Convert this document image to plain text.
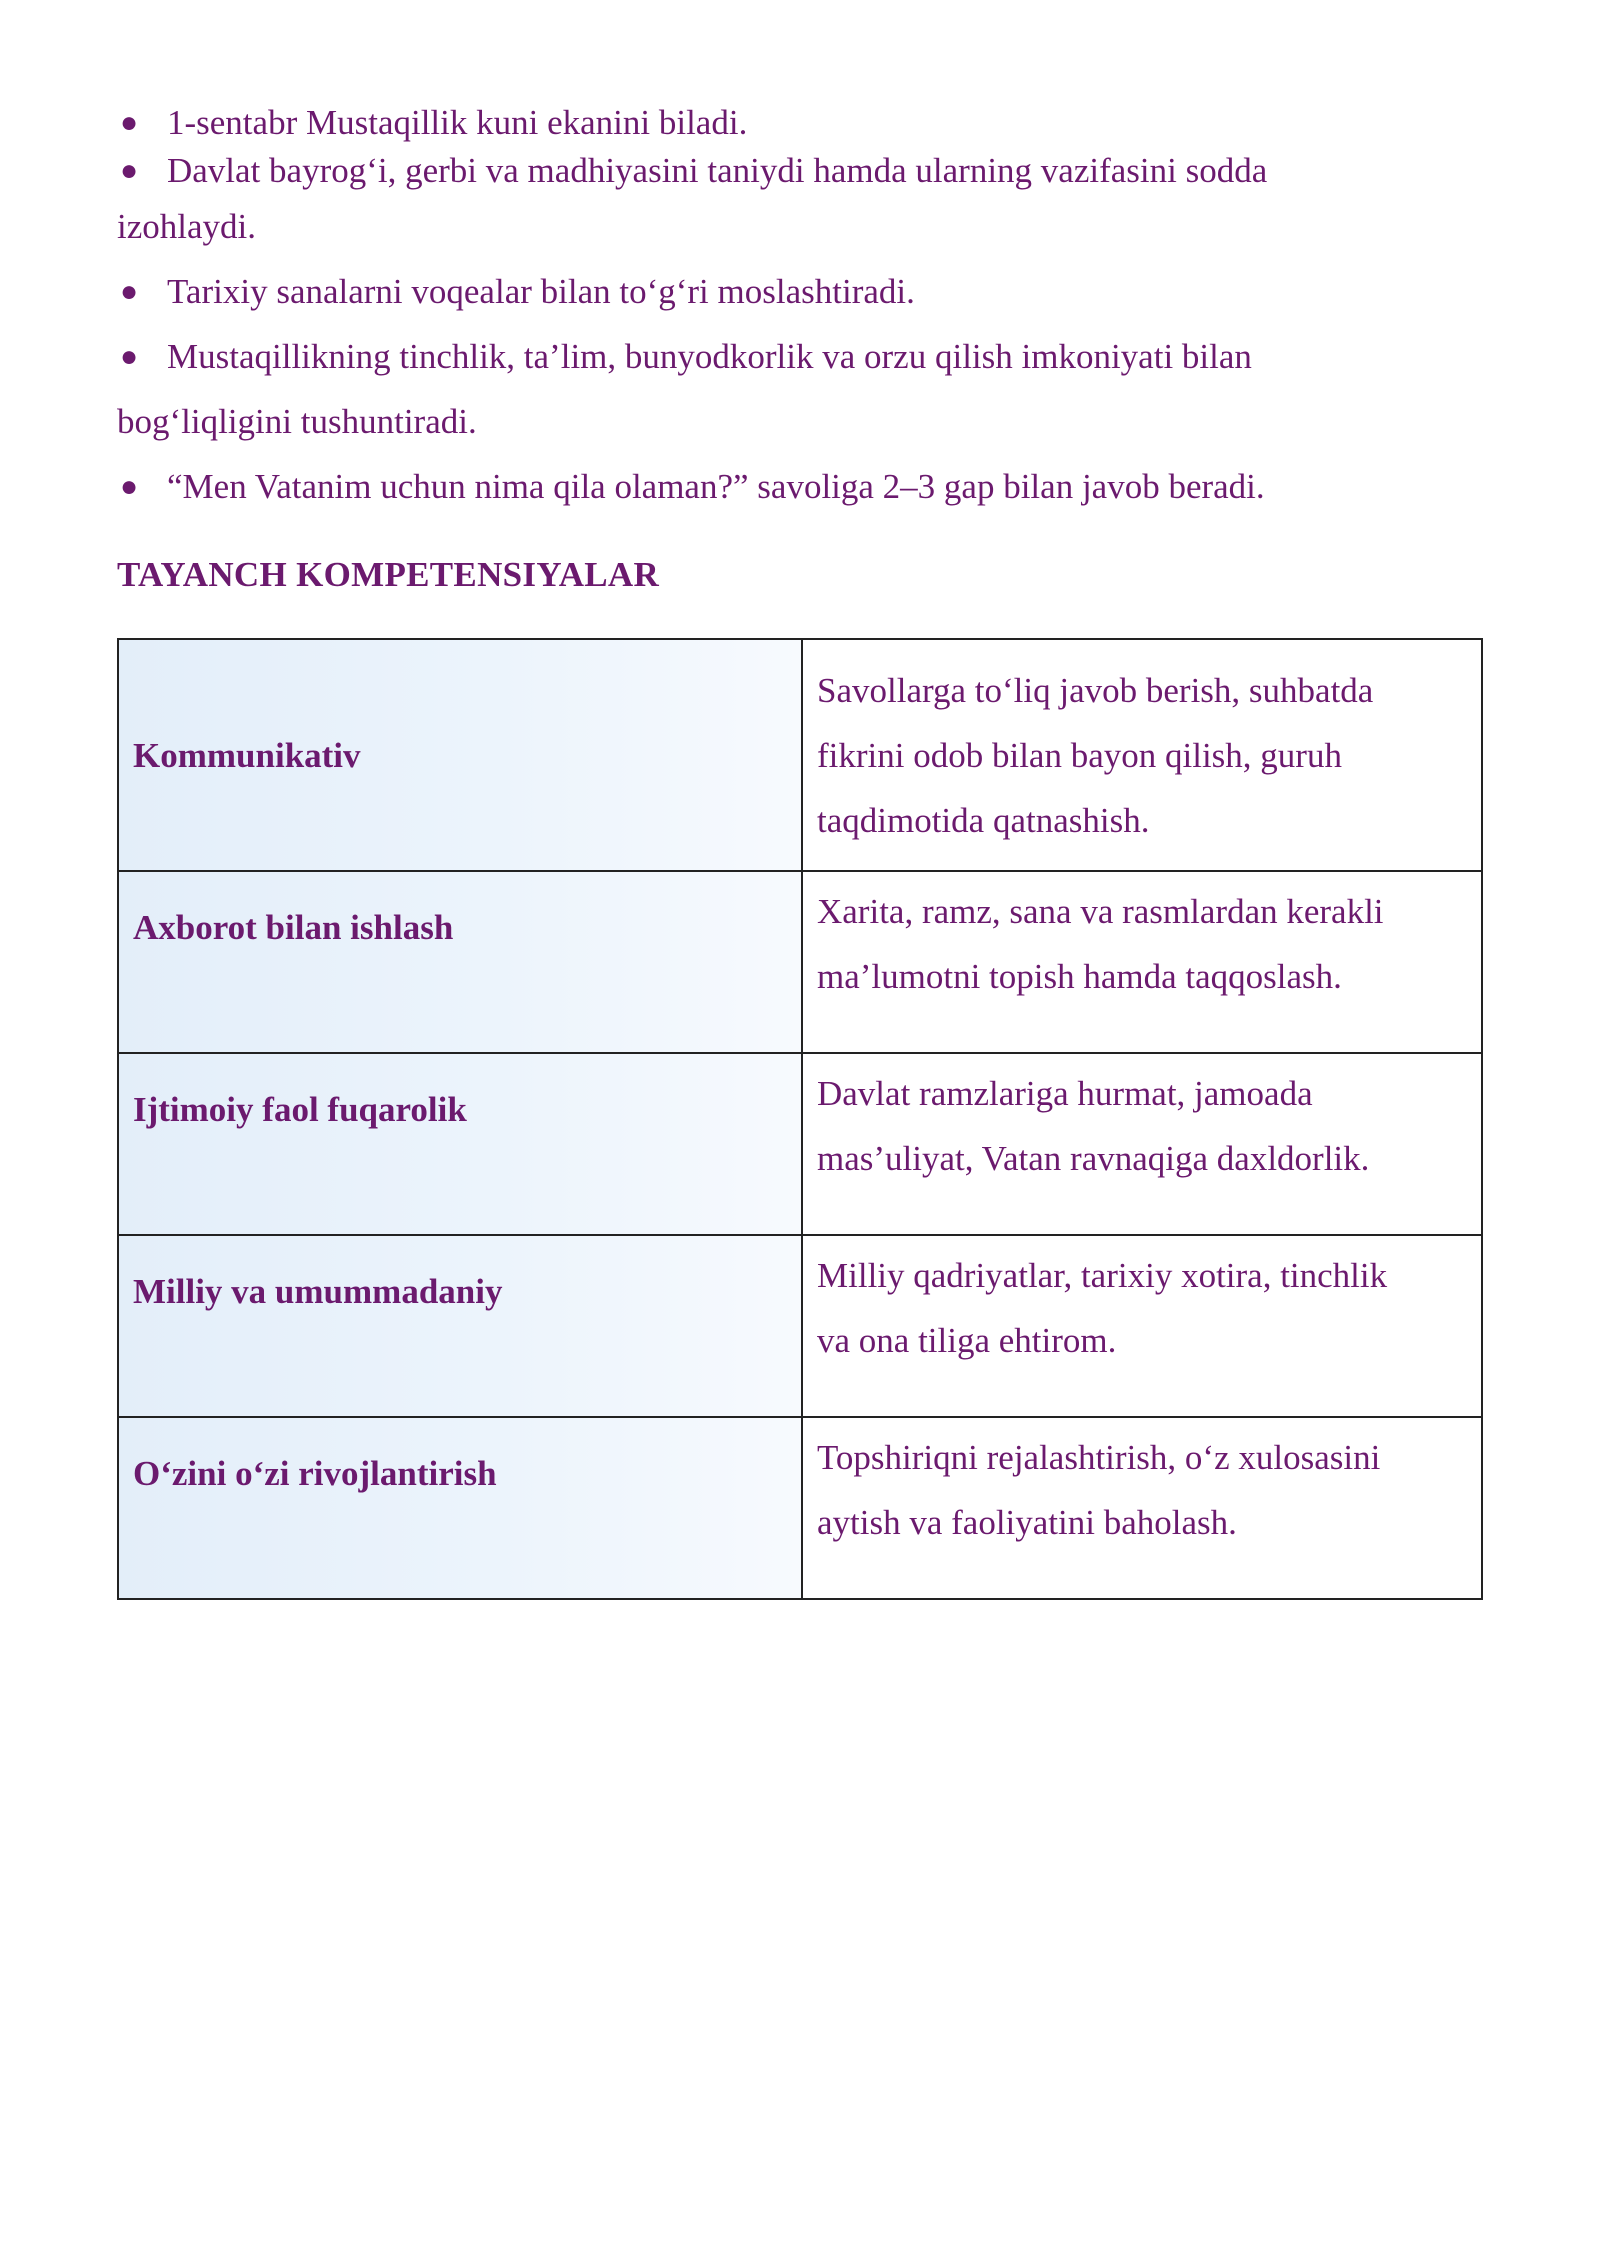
● 1-sentabr Mustaqillik kuni ekanini biladi.
● Davlat bayrog‘i, gerbi va madhiyasini taniydi hamda ularning vazifasini sodda
izohlaydi.
● Tarixiy sanalarni voqealar bilan to‘g‘ri moslashtiradi.
● Mustaqillikning tinchlik, ta’lim, bunyodkorlik va orzu qilish imkoniyati bilan
bog‘liqligini tushuntiradi.
● “Men Vatanim uchun nima qila olaman?” savoliga 2–3 gap bilan javob beradi.
TAYANCH KOMPETENSIYALAR
Kommunikativ	Savollarga to‘liq javob berish, suhbatda
fikrini odob bilan bayon qilish, guruh
taqdimotida qatnashish.

Axborot bilan ishlash	Xarita, ramz, sana va rasmlardan kerakli
ma’lumotni topish hamda taqqoslash.

Ijtimoiy faol fuqarolik	Davlat ramzlariga hurmat, jamoada
mas’uliyat, Vatan ravnaqiga daxldorlik.

Milliy va umummadaniy	Milliy qadriyatlar, tarixiy xotira, tinchlik
va ona tiliga ehtirom.

O‘zini o‘zi rivojlantirish	Topshiriqni rejalashtirish, o‘z xulosasini
aytish va faoliyatini baholash.
